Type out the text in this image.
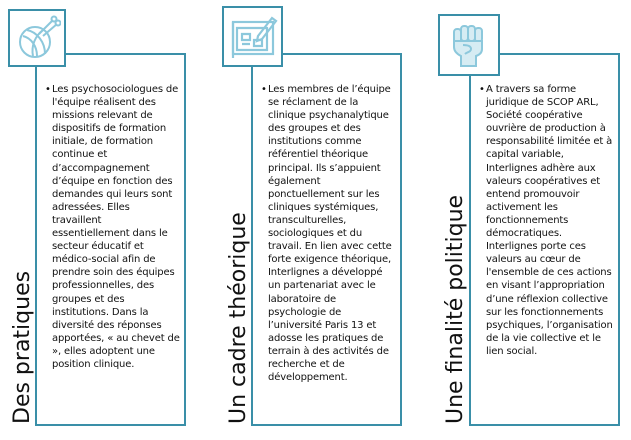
• Les psychosociologues de
l'équipe réalisent des
missions relevant de
dispositifs de formation
initiale, de formation
continue et
d’accompagnement
d’équipe en fonction des
demandes qui leurs sont
adressées. Elles
travaillent
essentiellement dans le
secteur éducatif et
médico-social afin de
prendre soin des équipes
professionnelles, des
groupes et des
institutions. Dans la
diversité des réponses
apportées, « au chevet de
», elles adoptent une
position clinique.
Des pratiques
• Les membres de l’équipe
se réclament de la
clinique psychanalytique
des groupes et des
institutions comme
référentiel théorique
principal. Ils s’appuient
également
ponctuellement sur les
cliniques systémiques,
transculturelles,
sociologiques et du
travail. En lien avec cette
forte exigence théorique,
Interlignes a développé
un partenariat avec le
laboratoire de
psychologie de
l’université Paris 13 et
adosse les pratiques de
terrain à des activités de
recherche et de
développement.
Un cadre théorique
• A travers sa forme
juridique de SCOP ARL,
Société coopérative
ouvrière de production à
responsabilité limitée et à
capital variable,
Interlignes adhère aux
valeurs coopératives et
entend promouvoir
activement les
fonctionnements
démocratiques.
Interlignes porte ces
valeurs au cœur de
l'ensemble de ces actions
en visant l’appropriation
d’une réflexion collective
sur les fonctionnements
psychiques, l’organisation
de la vie collective et le
lien social.
Une finalité politique
